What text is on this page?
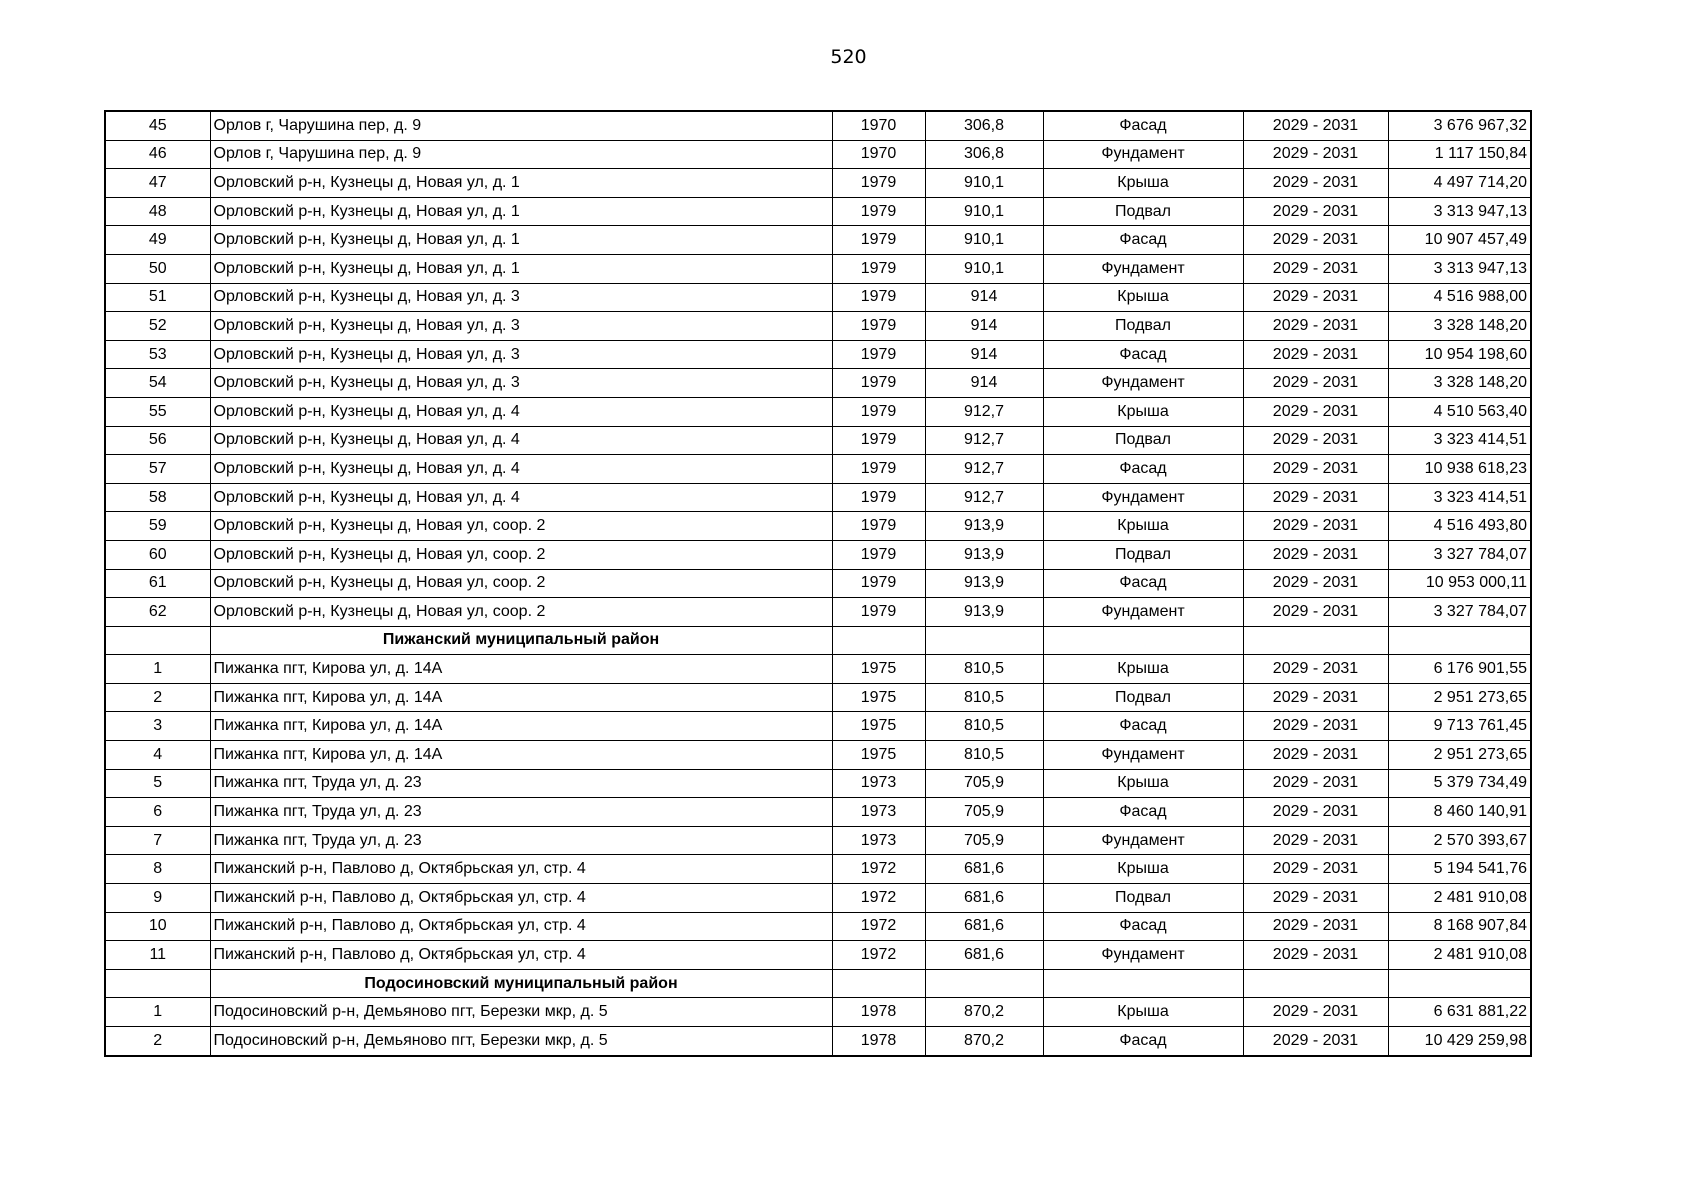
520
45	Орлов г, Чарушина пер, д. 9	1970	306,8	Фасад	2029 - 2031	3 676 967,32
46	Орлов г, Чарушина пер, д. 9	1970	306,8	Фундамент	2029 - 2031	1 117 150,84
47	Орловский р-н, Кузнецы д, Новая ул, д. 1	1979	910,1	Крыша	2029 - 2031	4 497 714,20
48	Орловский р-н, Кузнецы д, Новая ул, д. 1	1979	910,1	Подвал	2029 - 2031	3 313 947,13
49	Орловский р-н, Кузнецы д, Новая ул, д. 1	1979	910,1	Фасад	2029 - 2031	10 907 457,49
50	Орловский р-н, Кузнецы д, Новая ул, д. 1	1979	910,1	Фундамент	2029 - 2031	3 313 947,13
51	Орловский р-н, Кузнецы д, Новая ул, д. 3	1979	914	Крыша	2029 - 2031	4 516 988,00
52	Орловский р-н, Кузнецы д, Новая ул, д. 3	1979	914	Подвал	2029 - 2031	3 328 148,20
53	Орловский р-н, Кузнецы д, Новая ул, д. 3	1979	914	Фасад	2029 - 2031	10 954 198,60
54	Орловский р-н, Кузнецы д, Новая ул, д. 3	1979	914	Фундамент	2029 - 2031	3 328 148,20
55	Орловский р-н, Кузнецы д, Новая ул, д. 4	1979	912,7	Крыша	2029 - 2031	4 510 563,40
56	Орловский р-н, Кузнецы д, Новая ул, д. 4	1979	912,7	Подвал	2029 - 2031	3 323 414,51
57	Орловский р-н, Кузнецы д, Новая ул, д. 4	1979	912,7	Фасад	2029 - 2031	10 938 618,23
58	Орловский р-н, Кузнецы д, Новая ул, д. 4	1979	912,7	Фундамент	2029 - 2031	3 323 414,51
59	Орловский р-н, Кузнецы д, Новая ул, соор. 2	1979	913,9	Крыша	2029 - 2031	4 516 493,80
60	Орловский р-н, Кузнецы д, Новая ул, соор. 2	1979	913,9	Подвал	2029 - 2031	3 327 784,07
61	Орловский р-н, Кузнецы д, Новая ул, соор. 2	1979	913,9	Фасад	2029 - 2031	10 953 000,11
62	Орловский р-н, Кузнецы д, Новая ул, соор. 2	1979	913,9	Фундамент	2029 - 2031	3 327 784,07
	Пижанский муниципальный район					
1	Пижанка пгт, Кирова ул, д. 14А	1975	810,5	Крыша	2029 - 2031	6 176 901,55
2	Пижанка пгт, Кирова ул, д. 14А	1975	810,5	Подвал	2029 - 2031	2 951 273,65
3	Пижанка пгт, Кирова ул, д. 14А	1975	810,5	Фасад	2029 - 2031	9 713 761,45
4	Пижанка пгт, Кирова ул, д. 14А	1975	810,5	Фундамент	2029 - 2031	2 951 273,65
5	Пижанка пгт, Труда ул, д. 23	1973	705,9	Крыша	2029 - 2031	5 379 734,49
6	Пижанка пгт, Труда ул, д. 23	1973	705,9	Фасад	2029 - 2031	8 460 140,91
7	Пижанка пгт, Труда ул, д. 23	1973	705,9	Фундамент	2029 - 2031	2 570 393,67
8	Пижанский р-н, Павлово д, Октябрьская ул, стр. 4	1972	681,6	Крыша	2029 - 2031	5 194 541,76
9	Пижанский р-н, Павлово д, Октябрьская ул, стр. 4	1972	681,6	Подвал	2029 - 2031	2 481 910,08
10	Пижанский р-н, Павлово д, Октябрьская ул, стр. 4	1972	681,6	Фасад	2029 - 2031	8 168 907,84
11	Пижанский р-н, Павлово д, Октябрьская ул, стр. 4	1972	681,6	Фундамент	2029 - 2031	2 481 910,08
	Подосиновский муниципальный район					
1	Подосиновский р-н, Демьяново пгт, Березки мкр, д. 5	1978	870,2	Крыша	2029 - 2031	6 631 881,22
2	Подосиновский р-н, Демьяново пгт, Березки мкр, д. 5	1978	870,2	Фасад	2029 - 2031	10 429 259,98
